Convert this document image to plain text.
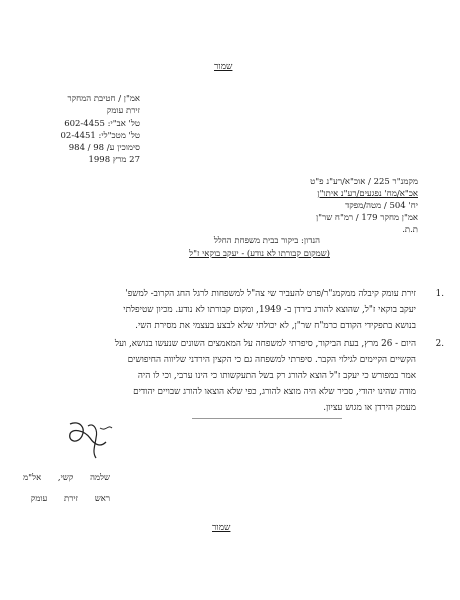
שמור
אמ"ן / חטיבת המחקר
זירת עומק
טל' אב"י: 602-4455
טל' מטכ"לי: 02-4451
סימוכין ע/ 98 / 984
27 מרץ 1998
מקמנ"ר 225 / אוכ"א/רע"נ פ"ט
אכ"א/מח' נפגעים/רע"נ איתו"ן
יח' 504 / מטה/מפקד
אמ"ן מחקר 179 / רמ"ח שר"ן
ת.ת.
הנדון: ביקור בבית משפחת החלל
(שמקום קבורתו לא נודע) - יעקב בוקאי ז"ל
1.
זירת עומק קיבלה ממקמנ"ר/פרט להעביר שי צה"ל למשפחות לרגל החג הקרוב- למשפ'
יעקב בוקאי ז"ל, שהוצא להורג בירדן ב- 1949, ומקום קבורתו לא נודע. מכיון שטיפלתי
בנושא בתפקידי הקודם כרמ"ח שר"ן, לא יכולתי שלא לבצע בעצמי את מסירת השי.
2.
היום - 26 מרץ, בעת הביקור, סיפרתי למשפחה על המאמצים השונים שנעשו בנושא, ועל
הקשיים הקיימים לגילוי הקבר. סיפרתי למשפחה גם כי הקצין הירדני שליווה החיפושים
אמר במפורש כי יעקב ז"ל הוצא להורג רק בשל התעקשותו כי הינו ערבי, וכי לו היה
מודה שהינו יהודי, סביר שלא היה מוצא להורג, כפי שלא הוצאו להורג שבויים יהודים
מעמק הירדן או מגוש עציון.
שלמה קשי, אל"מ
ראש זירת עומק
שמור
